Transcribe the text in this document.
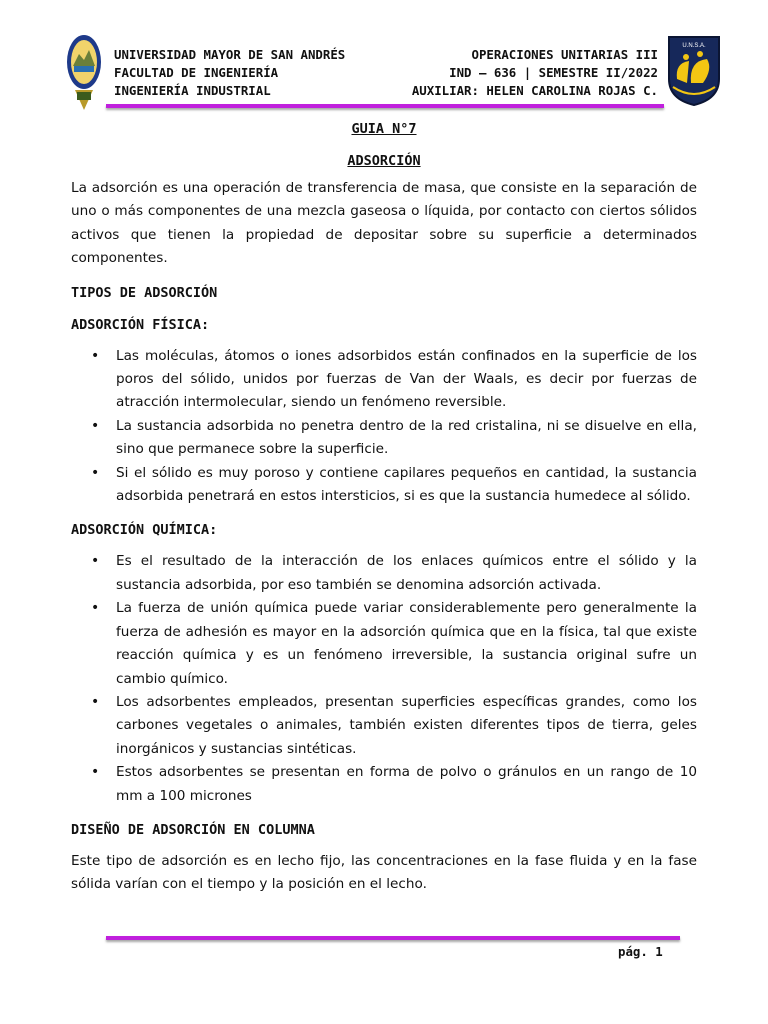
U.N.S.A.
UNIVERSIDAD MAYOR DE SAN ANDRÉS
FACULTAD DE INGENIERÍA
INGENIERÍA INDUSTRIAL
OPERACIONES UNITARIAS III
IND – 636 | SEMESTRE II/2022
AUXILIAR: HELEN CAROLINA ROJAS C.
GUIA N°7
ADSORCIÓN

La adsorción es una operación de transferencia de masa, que consiste en la separación de uno o más componentes de una mezcla gaseosa o líquida, por contacto con ciertos sólidos activos que tienen la propiedad de depositar sobre su superficie a determinados componentes.

TIPOS DE ADSORCIÓN
ADSORCIÓN FÍSICA:
• Las moléculas, átomos o iones adsorbidos están confinados en la superficie de los poros del sólido, unidos por fuerzas de Van der Waals, es decir por fuerzas de atracción intermolecular, siendo un fenómeno reversible.
• La sustancia adsorbida no penetra dentro de la red cristalina, ni se disuelve en ella, sino que permanece sobre la superficie.
• Si el sólido es muy poroso y contiene capilares pequeños en cantidad, la sustancia adsorbida penetrará en estos intersticios, si es que la sustancia humedece al sólido.
ADSORCIÓN QUÍMICA:
• Es el resultado de la interacción de los enlaces químicos entre el sólido y la sustancia adsorbida, por eso también se denomina adsorción activada.
• La fuerza de unión química puede variar considerablemente pero generalmente la fuerza de adhesión es mayor en la adsorción química que en la física, tal que existe reacción química y es un fenómeno irreversible, la sustancia original sufre un cambio químico.
• Los adsorbentes empleados, presentan superficies específicas grandes, como los carbones vegetales o animales, también existen diferentes tipos de tierra, geles inorgánicos y sustancias sintéticas.
• Estos adsorbentes se presentan en forma de polvo o gránulos en un rango de 10 mm a 100 micrones
DISEÑO DE ADSORCIÓN EN COLUMNA

Este tipo de adsorción es en lecho fijo, las concentraciones en la fase fluida y en la fase sólida varían con el tiempo y la posición en el lecho.

pág. 1
